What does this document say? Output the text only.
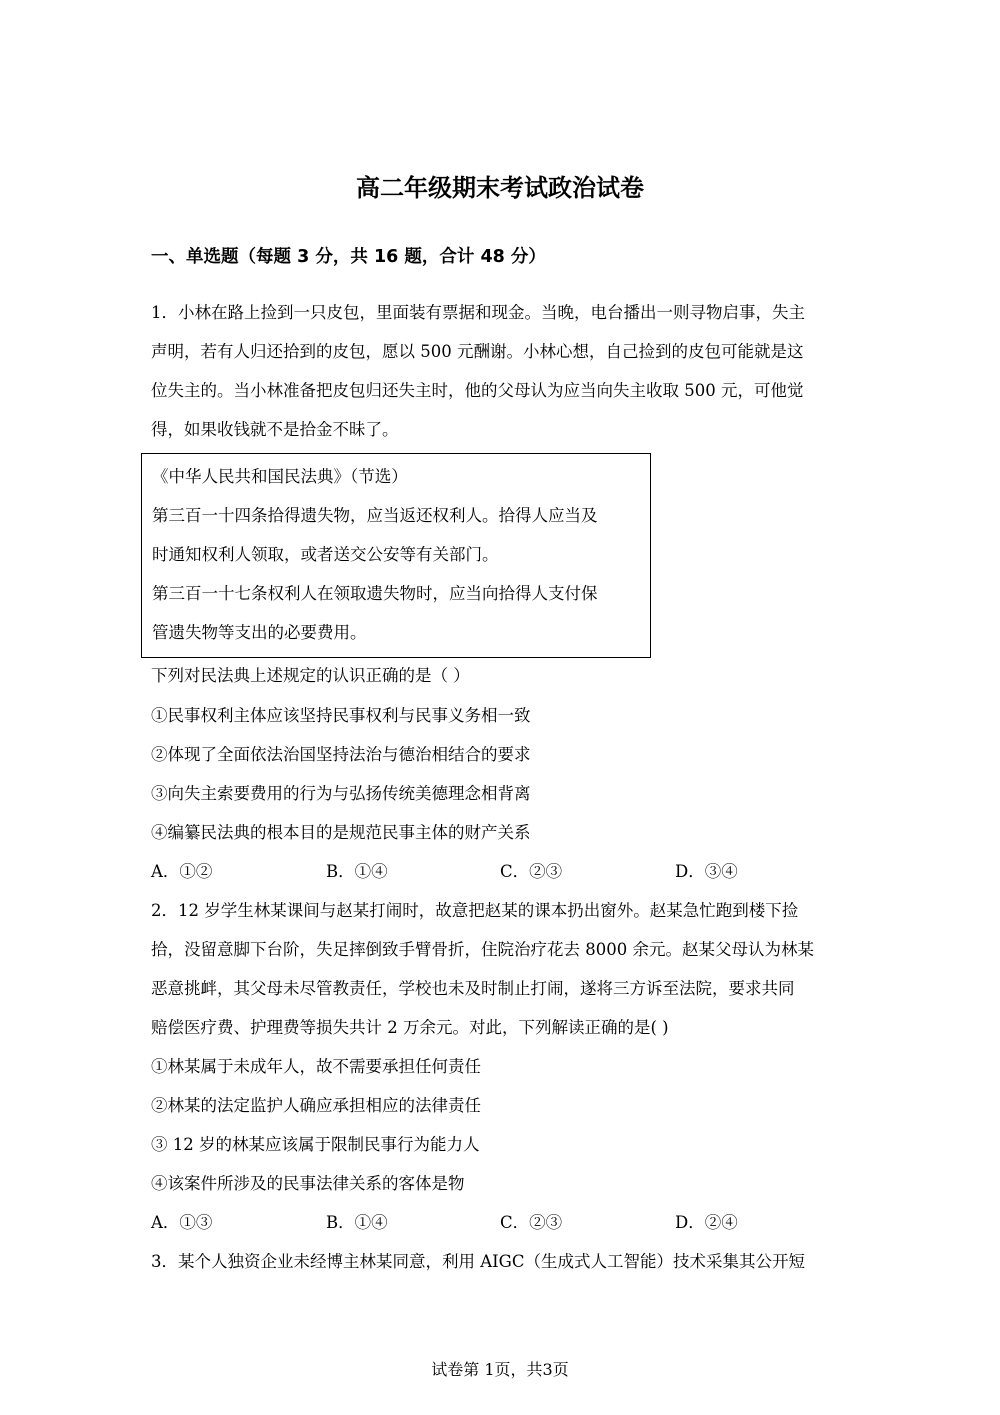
高二年级期末考试政治试卷
一、单选题（每题 3 分，共 16 题，合计 48 分）
1．小林在路上捡到一只皮包，里面装有票据和现金。当晚，电台播出一则寻物启事，失主
声明，若有人归还拾到的皮包，愿以 500 元酬谢。小林心想，自己捡到的皮包可能就是这
位失主的。当小林准备把皮包归还失主时，他的父母认为应当向失主收取 500 元，可他觉
得，如果收钱就不是拾金不昧了。
《中华人民共和国民法典》（节选）
第三百一十四条拾得遗失物，应当返还权利人。拾得人应当及
时通知权利人领取，或者送交公安等有关部门。
第三百一十七条权利人在领取遗失物时，应当向拾得人支付保
管遗失物等支出的必要费用。
下列对民法典上述规定的认识正确的是（ ）
①民事权利主体应该坚持民事权利与民事义务相一致
②体现了全面依法治国坚持法治与德治相结合的要求
③向失主索要费用的行为与弘扬传统美德理念相背离
④编纂民法典的根本目的是规范民事主体的财产关系
A．①②	B．①④	C．②③	D．③④
2．12 岁学生林某课间与赵某打闹时，故意把赵某的课本扔出窗外。赵某急忙跑到楼下捡
拾，没留意脚下台阶，失足摔倒致手臂骨折，住院治疗花去 8000 余元。赵某父母认为林某
恶意挑衅，其父母未尽管教责任，学校也未及时制止打闹，遂将三方诉至法院，要求共同
赔偿医疗费、护理费等损失共计 2 万余元。对此，下列解读正确的是( )
①林某属于未成年人，故不需要承担任何责任
②林某的法定监护人确应承担相应的法律责任
③ 12 岁的林某应该属于限制民事行为能力人
④该案件所涉及的民事法律关系的客体是物
A．①③	B．①④	C．②③	D．②④
3．某个人独资企业未经博主林某同意，利用 AIGC（生成式人工智能）技术采集其公开短
试卷第 1页，共3页
